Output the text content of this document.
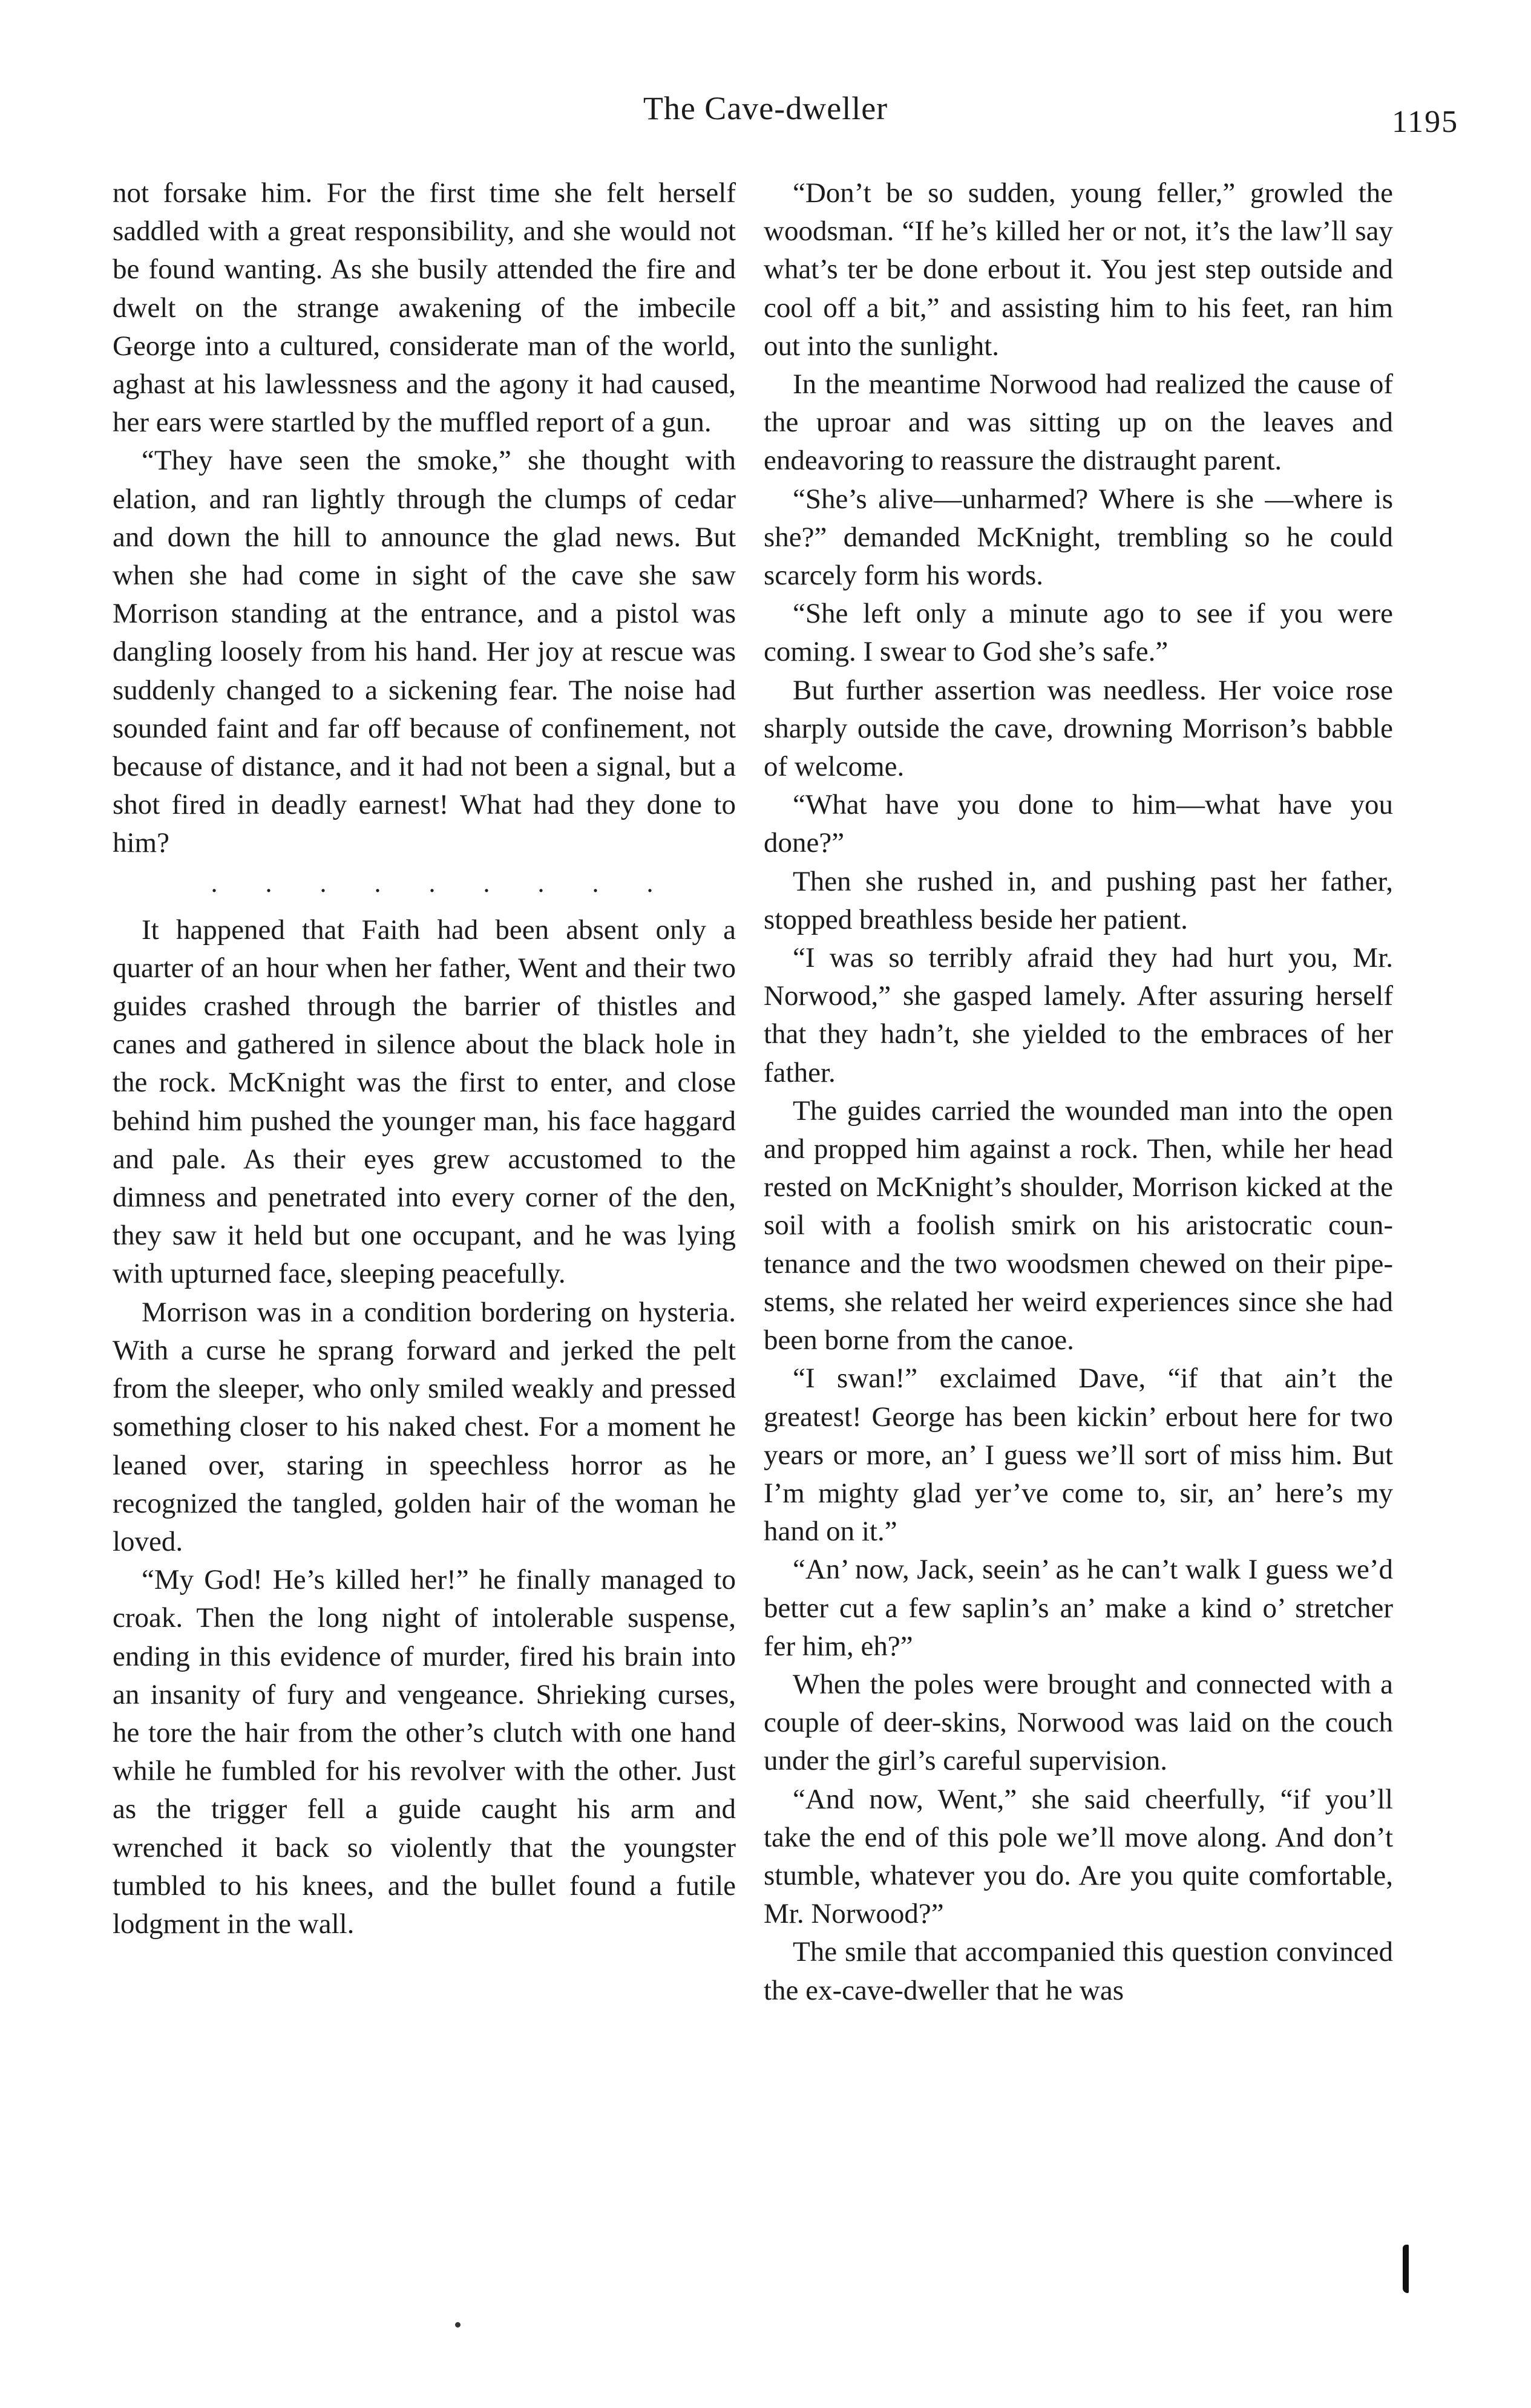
The Cave-dweller	1195

not forsake him. For the first time she felt herself saddled with a great responsibility, and she would not be found wanting. As she busily attended the fire and dwelt on the strange awakening of the imbecile George into a cultured, considerate man of the world, aghast at his lawlessness and the agony it had caused, her ears were startled by the muffled report of a gun.

“They have seen the smoke,” she thought with elation, and ran lightly through the clumps of cedar and down the hill to announce the glad news. But when she had come in sight of the cave she saw Morrison standing at the entrance, and a pistol was dangling loosely from his hand. Her joy at rescue was suddenly changed to a sickening fear. The noise had sounded faint and far off because of confinement, not because of distance, and it had not been a signal, but a shot fired in deadly earnest! What had they done to him?

. . . . . . . . .

It happened that Faith had been absent only a quarter of an hour when her father, Went and their two guides crashed through the barrier of thistles and canes and gathered in silence about the black hole in the rock. McKnight was the first to enter, and close behind him pushed the younger man, his face haggard and pale. As their eyes grew accustomed to the dimness and penetrated into every corner of the den, they saw it held but one occupant, and he was lying with upturned face, sleeping peacefully.

Morrison was in a condition bordering on hysteria. With a curse he sprang forward and jerked the pelt from the sleeper, who only smiled weakly and pressed something closer to his naked chest. For a moment he leaned over, staring in speechless horror as he recognized the tangled, golden hair of the woman he loved.

“My God! He’s killed her!” he finally managed to croak. Then the long night of intolerable suspense, ending in this evidence of murder, fired his brain into an insanity of fury and vengeance. Shrieking curses, he tore the hair from the other’s clutch with one hand while he fumbled for his revolver with the other. Just as the trigger fell a guide caught his arm and wrenched it back so violently that the youngster tumbled to his knees, and the bullet found a futile lodgment in the wall.

“Don’t be so sudden, young feller,” growled the woodsman. “If he’s killed her or not, it’s the law’ll say what’s ter be done erbout it. You jest step outside and cool off a bit,” and assisting him to his feet, ran him out into the sunlight.

In the meantime Norwood had realized the cause of the uproar and was sitting up on the leaves and endeavoring to reassure the distraught parent.

“She’s alive—unharmed? Where is she —where is she?” demanded McKnight, trembling so he could scarcely form his words.

“She left only a minute ago to see if you were coming. I swear to God she’s safe.”

But further assertion was needless. Her voice rose sharply outside the cave, drowning Morrison’s babble of welcome.

“What have you done to him—what have you done?”

Then she rushed in, and pushing past her father, stopped breathless beside her patient.

“I was so terribly afraid they had hurt you, Mr. Norwood,” she gasped lamely. After assuring herself that they hadn’t, she yielded to the embraces of her father.

The guides carried the wounded man into the open and propped him against a rock. Then, while her head rested on McKnight’s shoulder, Morrison kicked at the soil with a foolish smirk on his aristocratic countenance and the two woodsmen chewed on their pipe-stems, she related her weird experiences since she had been borne from the canoe.

“I swan!” exclaimed Dave, “if that ain’t the greatest! George has been kickin’ erbout here for two years or more, an’ I guess we’ll sort of miss him. But I’m mighty glad yer’ve come to, sir, an’ here’s my hand on it.”

“An’ now, Jack, seein’ as he can’t walk I guess we’d better cut a few saplin’s an’ make a kind o’ stretcher fer him, eh?”

When the poles were brought and connected with a couple of deer-skins, Norwood was laid on the couch under the girl’s careful supervision.

“And now, Went,” she said cheerfully, “if you’ll take the end of this pole we’ll move along. And don’t stumble, whatever you do. Are you quite comfortable, Mr. Norwood?”

The smile that accompanied this question convinced the ex-cave-dweller that he was
